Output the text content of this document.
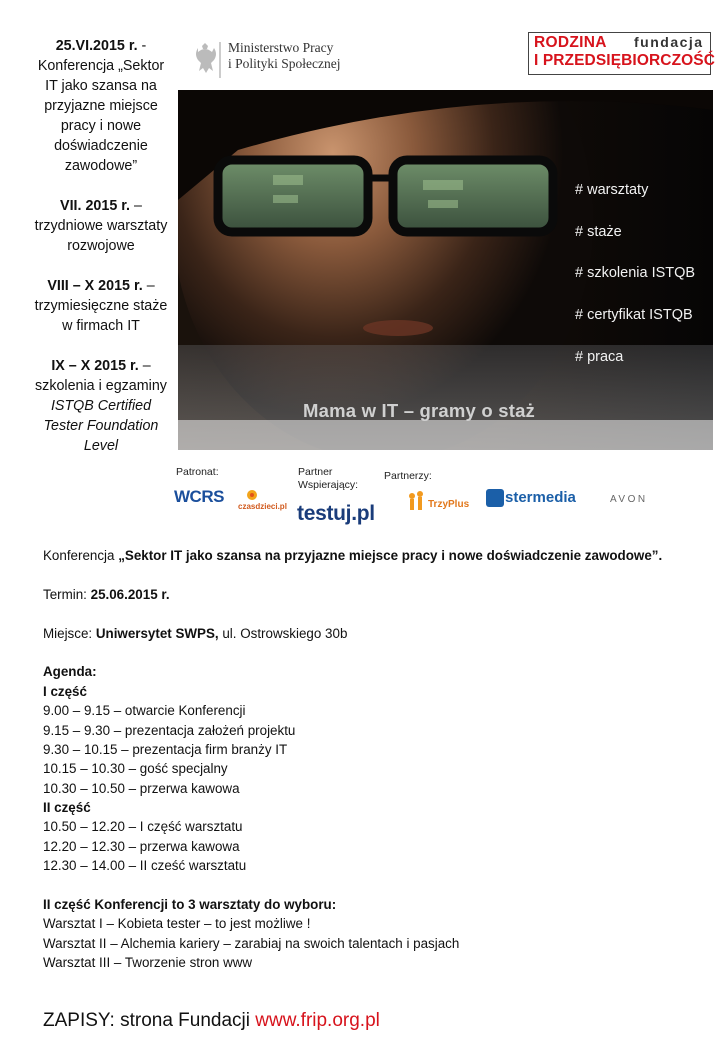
25.VI.2015 r. - Konferencja „Sektor IT jako szansa na przyjazne miejsce pracy i nowe doświadczenie zawodowe”
VII. 2015 r. – trzydniowe warsztaty rozwojowe
VIII – X 2015 r. – trzymiesięczne staże w firmach IT
IX – X 2015 r. – szkolenia i egzaminy ISTQB Certified Tester Foundation Level
Ministerstwo Pracy
i Polityki Społecznej
RODZINA fundacja
I PRZEDSIĘBIORCZOŚĆ
# warsztaty
# staże
# szkolenia ISTQB
# certyfikat ISTQB
# praca
Mama w IT – gramy o staż
Patronat:	Partner
Wspierający:
Partnerzy:
WCRS
czasdzieci.pl testuj.pl	TrzyPlus stermedia	AVON
Konferencja „Sektor IT jako szansa na przyjazne miejsce pracy i nowe doświadczenie zawodowe”.
Termin: 25.06.2015 r.
Miejsce: Uniwersytet SWPS, ul. Ostrowskiego 30b
Agenda:
I część
9.00 – 9.15 – otwarcie Konferencji
9.15 – 9.30 – prezentacja założeń projektu
9.30 – 10.15 – prezentacja firm branży IT
10.15 – 10.30 – gość specjalny
10.30 – 10.50 – przerwa kawowa
II część
10.50 – 12.20 – I część warsztatu
12.20 – 12.30 – przerwa kawowa
12.30 – 14.00 – II cześć warsztatu
II część Konferencji to 3 warsztaty do wyboru:
Warsztat I – Kobieta tester – to jest możliwe !
Warsztat II – Alchemia kariery – zarabiaj na swoich talentach i pasjach
Warsztat III – Tworzenie stron www
ZAPISY: strona Fundacji www.frip.org.pl
